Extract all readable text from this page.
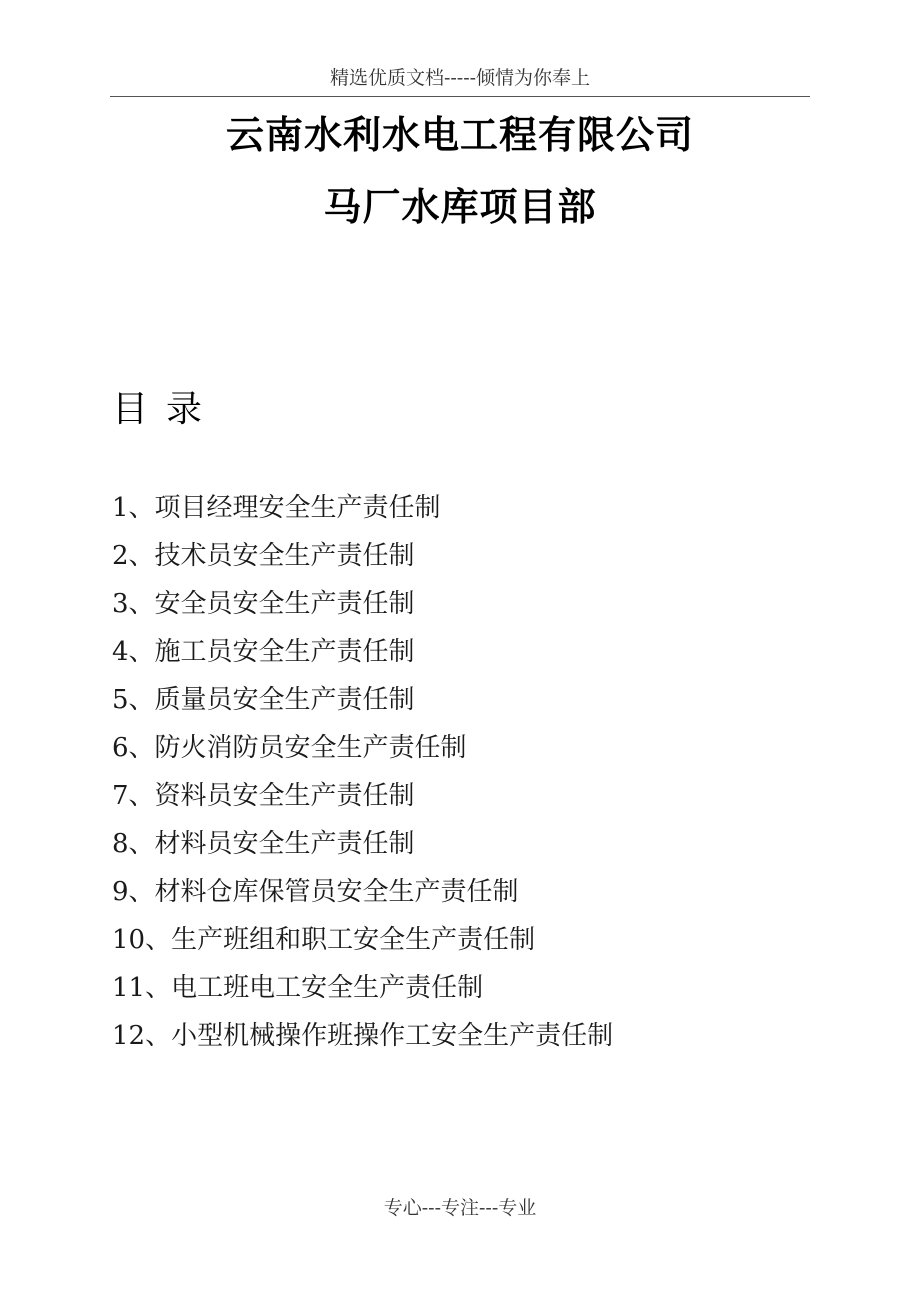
精选优质文档-----倾情为你奉上
云南水利水电工程有限公司
马厂水库项目部
目录
1、项目经理安全生产责任制
2、技术员安全生产责任制
3、安全员安全生产责任制
4、施工员安全生产责任制
5、质量员安全生产责任制
6、防火消防员安全生产责任制
7、资料员安全生产责任制
8、材料员安全生产责任制
9、材料仓库保管员安全生产责任制
10、生产班组和职工安全生产责任制
11、电工班电工安全生产责任制
12、小型机械操作班操作工安全生产责任制
专心---专注---专业
